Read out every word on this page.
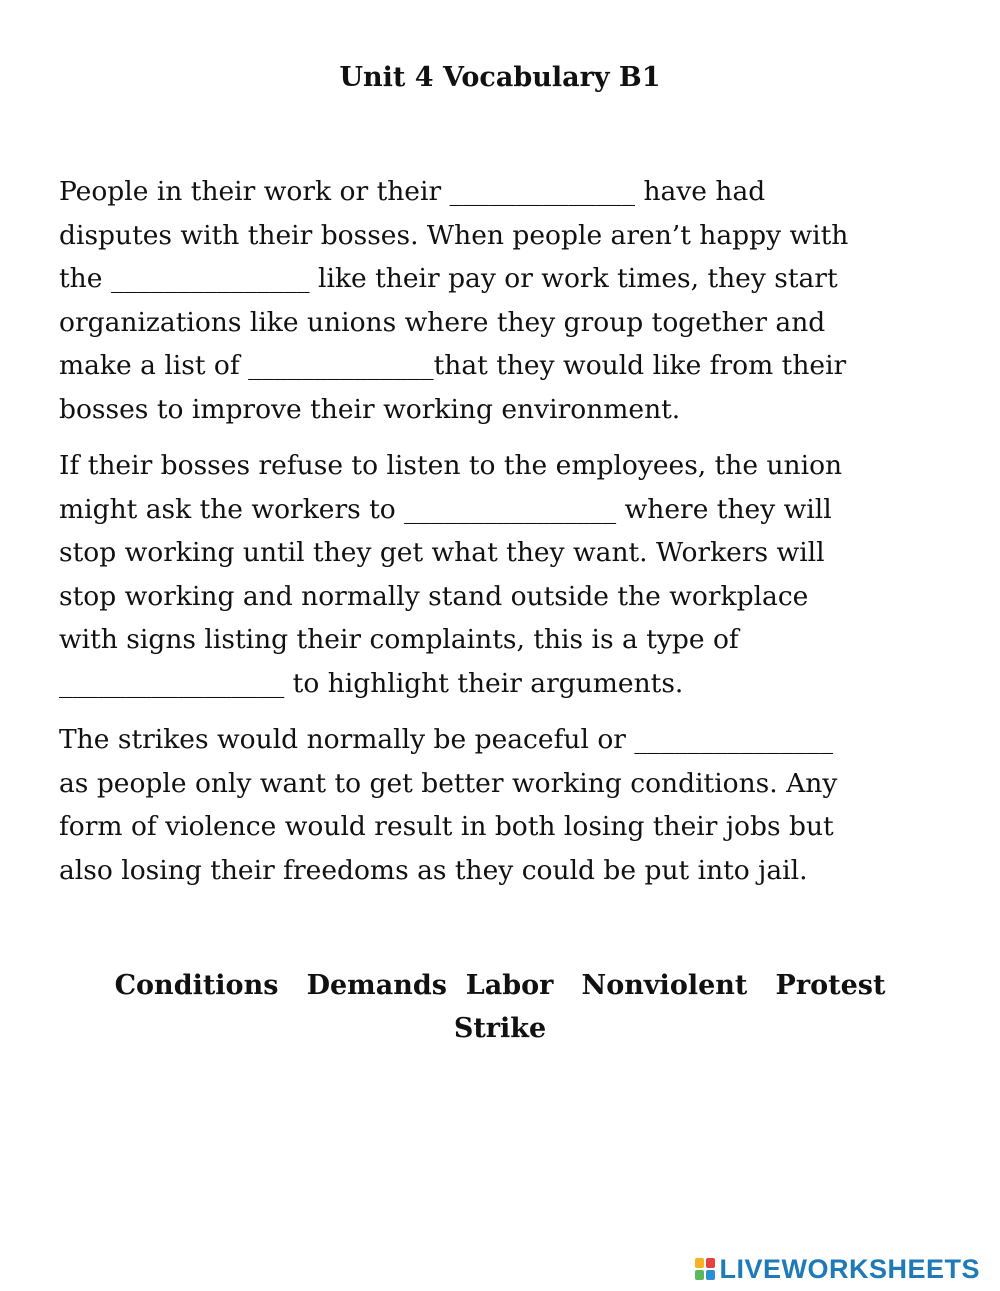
Unit 4 Vocabulary B1
People in their work or their ______________ have had
disputes with their bosses. When people aren’t happy with
the _______________ like their pay or work times, they start
organizations like unions where they group together and
make a list of ______________that they would like from their
bosses to improve their working environment.
If their bosses refuse to listen to the employees, the union
might ask the workers to ________________ where they will
stop working until they get what they want. Workers will
stop working and normally stand outside the workplace
with signs listing their complaints, this is a type of
_________________ to highlight their arguments.
The strikes would normally be peaceful or _______________
as people only want to get better working conditions. Any
form of violence would result in both losing their jobs but
also losing their freedoms as they could be put into jail.
Conditions   Demands  Labor   Nonviolent   Protest
Strike
LIVEWORKSHEETS
